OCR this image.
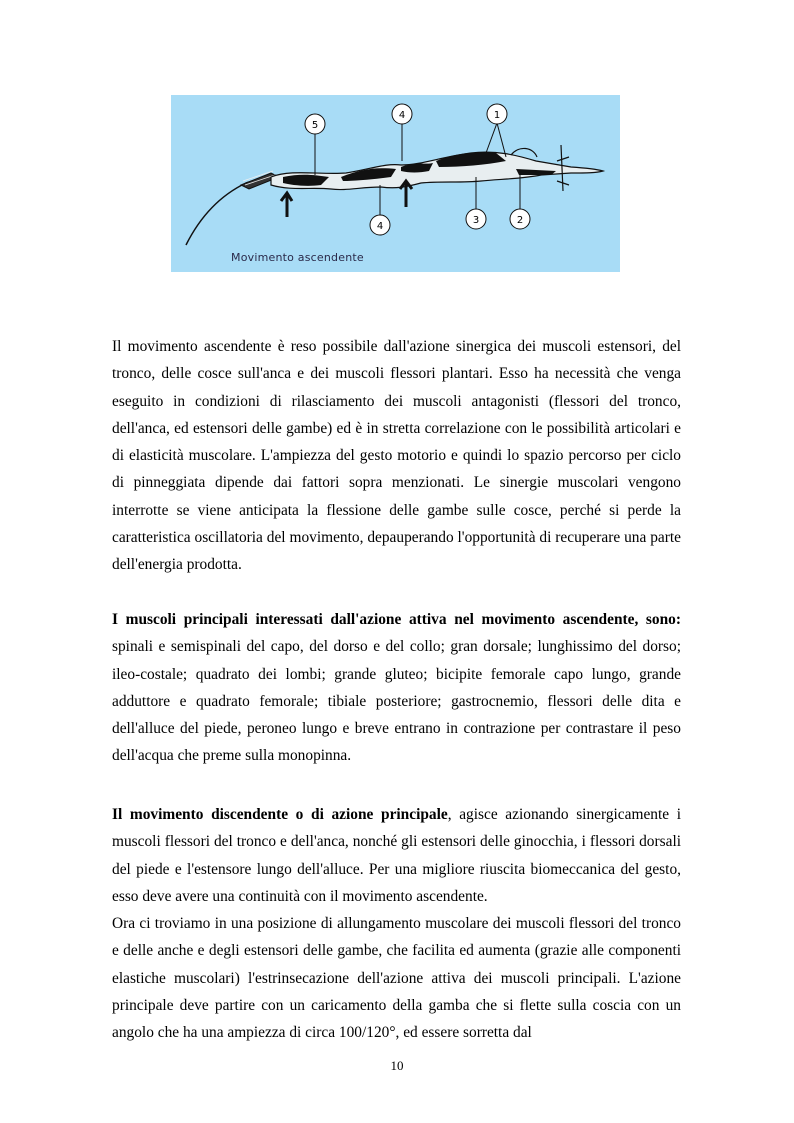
5
4	1
4
3	2
Movimento ascendente

Il movimento ascendente è reso possibile dall'azione sinergica dei muscoli estensori, del tronco, delle cosce sull'anca e dei muscoli flessori plantari. Esso ha necessità che venga eseguito in condizioni di rilasciamento dei muscoli antagonisti (flessori del tronco, dell'anca, ed estensori delle gambe) ed è in stretta correlazione con le possibilità articolari e di elasticità muscolare. L'ampiezza del gesto motorio e quindi lo spazio percorso per ciclo di pinneggiata dipende dai fattori sopra menzionati. Le sinergie muscolari vengono interrotte se viene anticipata la flessione delle gambe sulle cosce, perché si perde la caratteristica oscillatoria del movimento, depauperando l'opportunità di recuperare una parte dell'energia prodotta.

I muscoli principali interessati dall'azione attiva nel movimento ascendente, sono: spinali e semispinali del capo, del dorso e del collo; gran dorsale; lunghissimo del dorso; ileo-costale; quadrato dei lombi; grande gluteo; bicipite femorale capo lungo, grande adduttore e quadrato femorale; tibiale posteriore; gastrocnemio, flessori delle dita e dell'alluce del piede, peroneo lungo e breve entrano in contrazione per contrastare il peso dell'acqua che preme sulla monopinna.

Il movimento discendente o di azione principale, agisce azionando sinergicamente i muscoli flessori del tronco e dell'anca, nonché gli estensori delle ginocchia, i flessori dorsali del piede e l'estensore lungo dell'alluce. Per una migliore riuscita biomeccanica del gesto, esso deve avere una continuità con il movimento ascendente.

Ora ci troviamo in una posizione di allungamento muscolare dei muscoli flessori del tronco e delle anche e degli estensori delle gambe, che facilita ed aumenta (grazie alle componenti elastiche muscolari) l'estrinsecazione dell'azione attiva dei muscoli principali. L'azione principale deve partire con un caricamento della gamba che si flette sulla coscia con un angolo che ha una ampiezza di circa 100/120°, ed essere sorretta dal

10
